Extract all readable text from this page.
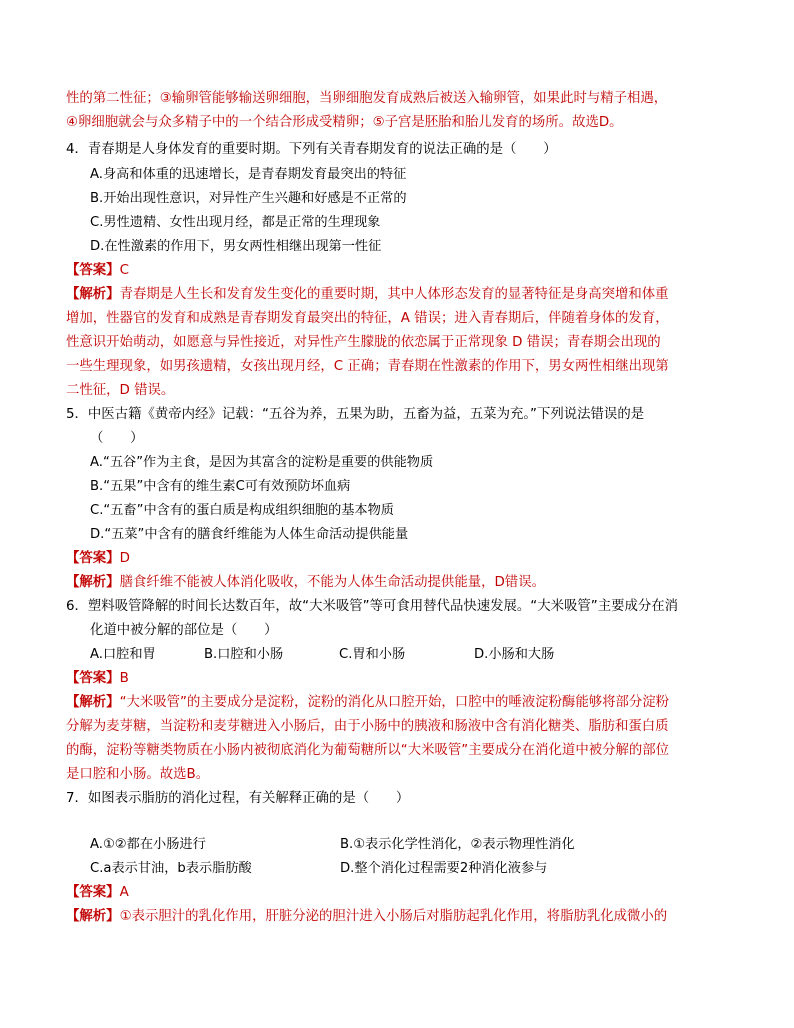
性的第二性征；③输卵管能够输送卵细胞，当卵细胞发育成熟后被送入输卵管，如果此时与精子相遇，
④卵细胞就会与众多精子中的一个结合形成受精卵；⑤子宫是胚胎和胎儿发育的场所。故选D。
4．青春期是人身体发育的重要时期。下列有关青春期发育的说法正确的是（　　）
A.身高和体重的迅速增长，是青春期发育最突出的特征
B.开始出现性意识，对异性产生兴趣和好感是不正常的
C.男性遗精、女性出现月经，都是正常的生理现象
D.在性激素的作用下，男女两性相继出现第一性征
【答案】C
【解析】青春期是人生长和发育发生变化的重要时期，其中人体形态发育的显著特征是身高突增和体重
增加，性器官的发育和成熟是青春期发育最突出的特征，A 错误；进入青春期后，伴随着身体的发育，
性意识开始萌动，如愿意与异性接近，对异性产生朦胧的依恋属于正常现象 D 错误；青春期会出现的
一些生理现象，如男孩遗精，女孩出现月经，C 正确；青春期在性激素的作用下，男女两性相继出现第
二性征，D 错误。
5．中医古籍《黄帝内经》记载：“五谷为养，五果为助，五畜为益，五菜为充。”下列说法错误的是
（　　）
A.“五谷”作为主食，是因为其富含的淀粉是重要的供能物质
B.“五果”中含有的维生素C可有效预防坏血病
C.“五畜”中含有的蛋白质是构成组织细胞的基本物质
D.“五菜”中含有的膳食纤维能为人体生命活动提供能量
【答案】D
【解析】膳食纤维不能被人体消化吸收，不能为人体生命活动提供能量，D错误。
6．塑料吸管降解的时间长达数百年，故“大米吸管”等可食用替代品快速发展。“大米吸管”主要成分在消
化道中被分解的部位是（　　）
A.口腔和胃	B.口腔和小肠	C.胃和小肠	D.小肠和大肠
【答案】B
【解析】“大米吸管”的主要成分是淀粉，淀粉的消化从口腔开始，口腔中的唾液淀粉酶能够将部分淀粉
分解为麦芽糖，当淀粉和麦芽糖进入小肠后，由于小肠中的胰液和肠液中含有消化糖类、脂肪和蛋白质
的酶，淀粉等糖类物质在小肠内被彻底消化为葡萄糖所以“大米吸管”主要成分在消化道中被分解的部位
是口腔和小肠。故选B。
7．如图表示脂肪的消化过程，有关解释正确的是（　　）
A.①②都在小肠进行	B.①表示化学性消化，②表示物理性消化
C.a表示甘油，b表示脂肪酸	D.整个消化过程需要2种消化液参与
【答案】A
【解析】①表示胆汁的乳化作用，肝脏分泌的胆汁进入小肠后对脂肪起乳化作用，将脂肪乳化成微小的
